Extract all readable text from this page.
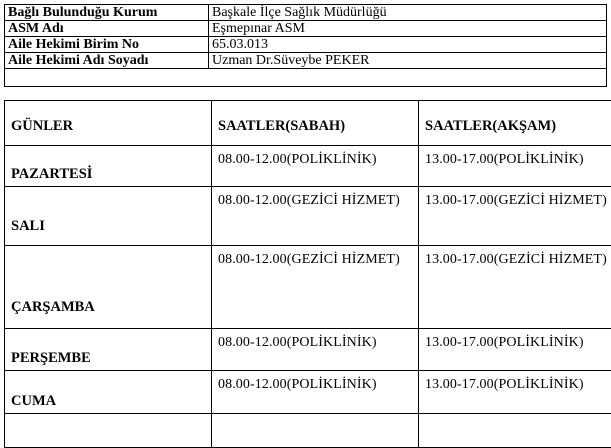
Bağlı Bulunduğu Kurum	Başkale İlçe Sağlık Müdürlüğü
ASM Adı	Eşmepınar ASM
Aile Hekimi Birim No	65.03.013
Aile Hekimi Adı Soyadı	Uzman Dr.Süveybe PEKER

GÜNLER	SAATLER(SABAH)	SAATLER(AKŞAM)
PAZARTESİ	08.00-12.00(POLİKLİNİK)	13.00-17.00(POLİKLİNİK)
SALI	08.00-12.00(GEZİCİ HİZMET)	13.00-17.00(GEZİCİ HİZMET)
ÇARŞAMBA	08.00-12.00(GEZİCİ HİZMET)	13.00-17.00(GEZİCİ HİZMET)
PERŞEMBE	08.00-12.00(POLİKLİNİK)	13.00-17.00(POLİKLİNİK)
CUMA	08.00-12.00(POLİKLİNİK)	13.00-17.00(POLİKLİNİK)
